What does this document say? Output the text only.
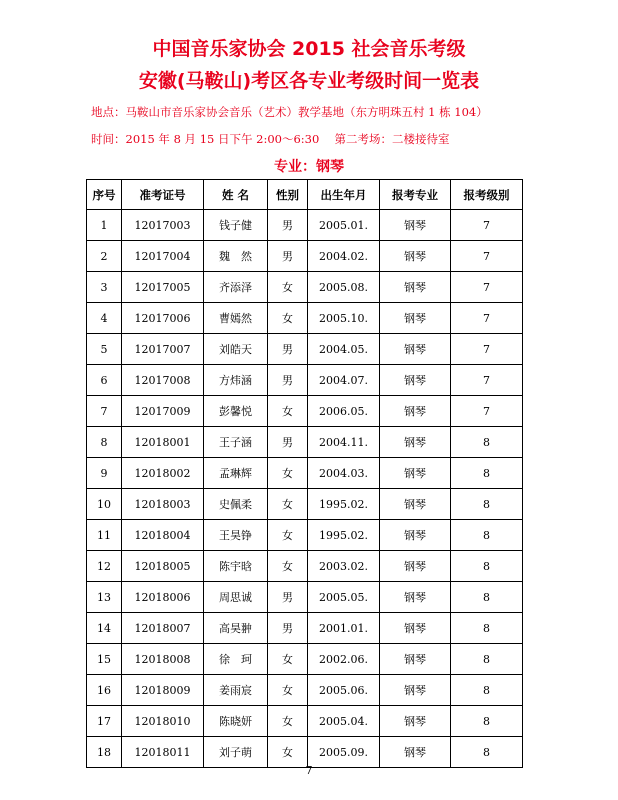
中国音乐家协会 2015 社会音乐考级
安徽(马鞍山)考区各专业考级时间一览表
地点：马鞍山市音乐家协会音乐（艺术）教学基地（东方明珠五村 1 栋 104）
时间：2015 年 8 月 15 日下午 2:00～6:30　 第二考场：二楼接待室
专业：钢琴
序号	准考证号	姓 名	性别	出生年月	报考专业	报考级别
1	12017003	钱子健	男	2005.01.	钢琴	7
2	12017004	魏　然	男	2004.02.	钢琴	7
3	12017005	齐添泽	女	2005.08.	钢琴	7
4	12017006	曹嫣然	女	2005.10.	钢琴	7
5	12017007	刘皓天	男	2004.05.	钢琴	7
6	12017008	方炜涵	男	2004.07.	钢琴	7
7	12017009	彭馨悦	女	2006.05.	钢琴	7
8	12018001	王子涵	男	2004.11.	钢琴	8
9	12018002	孟琳辉	女	2004.03.	钢琴	8
10	12018003	史佩柔	女	1995.02.	钢琴	8
11	12018004	王昊铮	女	1995.02.	钢琴	8
12	12018005	陈宇晗	女	2003.02.	钢琴	8
13	12018006	周思诚	男	2005.05.	钢琴	8
14	12018007	高昊翀	男	2001.01.	钢琴	8
15	12018008	徐　珂	女	2002.06.	钢琴	8
16	12018009	姜雨宸	女	2005.06.	钢琴	8
17	12018010	陈晓妍	女	2005.04.	钢琴	8
18	12018011	刘子萌	女	2005.09.	钢琴	8
7
